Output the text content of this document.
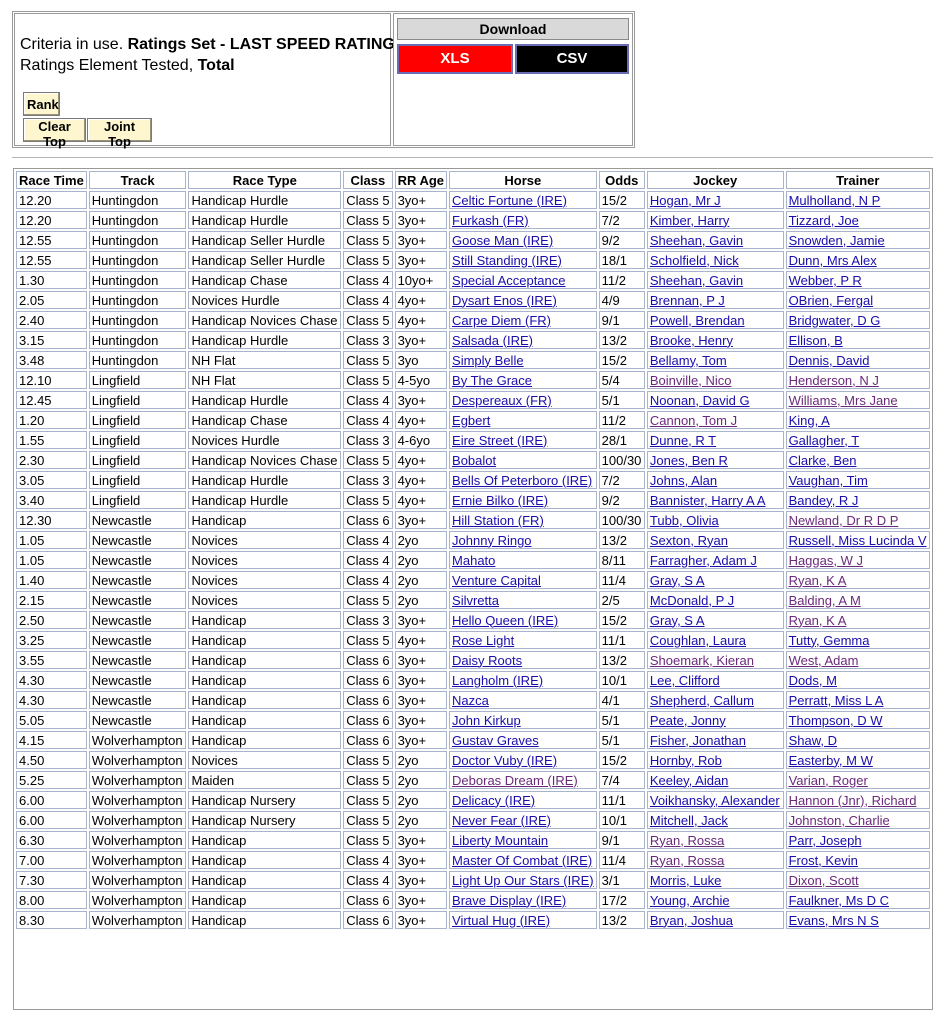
Criteria in use. Ratings Set - LAST SPEED RATING
Ratings Element Tested, Total
Rank
Clear Top
Joint Top
Download
XLS	CSV
Race Time	Track	Race Type	Class	RR Age	Horse	Odds	Jockey	Trainer
12.20	Huntingdon	Handicap Hurdle	Class 5	3yo+	Celtic Fortune (IRE)	15/2	Hogan, Mr J	Mulholland, N P
12.20	Huntingdon	Handicap Hurdle	Class 5	3yo+	Furkash (FR)	7/2	Kimber, Harry	Tizzard, Joe
12.55	Huntingdon	Handicap Seller Hurdle	Class 5	3yo+	Goose Man (IRE)	9/2	Sheehan, Gavin	Snowden, Jamie
12.55	Huntingdon	Handicap Seller Hurdle	Class 5	3yo+	Still Standing (IRE)	18/1	Scholfield, Nick	Dunn, Mrs Alex
1.30	Huntingdon	Handicap Chase	Class 4	10yo+	Special Acceptance	11/2	Sheehan, Gavin	Webber, P R
2.05	Huntingdon	Novices Hurdle	Class 4	4yo+	Dysart Enos (IRE)	4/9	Brennan, P J	OBrien, Fergal
2.40	Huntingdon	Handicap Novices Chase	Class 5	4yo+	Carpe Diem (FR)	9/1	Powell, Brendan	Bridgwater, D G
3.15	Huntingdon	Handicap Hurdle	Class 3	3yo+	Salsada (IRE)	13/2	Brooke, Henry	Ellison, B
3.48	Huntingdon	NH Flat	Class 5	3yo	Simply Belle	15/2	Bellamy, Tom	Dennis, David
12.10	Lingfield	NH Flat	Class 5	4-5yo	By The Grace	5/4	Boinville, Nico	Henderson, N J
12.45	Lingfield	Handicap Hurdle	Class 4	3yo+	Despereaux (FR)	5/1	Noonan, David G	Williams, Mrs Jane
1.20	Lingfield	Handicap Chase	Class 4	4yo+	Egbert	11/2	Cannon, Tom J	King, A
1.55	Lingfield	Novices Hurdle	Class 3	4-6yo	Eire Street (IRE)	28/1	Dunne, R T	Gallagher, T
2.30	Lingfield	Handicap Novices Chase	Class 5	4yo+	Bobalot	100/30	Jones, Ben R	Clarke, Ben
3.05	Lingfield	Handicap Hurdle	Class 3	4yo+	Bells Of Peterboro (IRE)	7/2	Johns, Alan	Vaughan, Tim
3.40	Lingfield	Handicap Hurdle	Class 5	4yo+	Ernie Bilko (IRE)	9/2	Bannister, Harry A A	Bandey, R J
12.30	Newcastle	Handicap	Class 6	3yo+	Hill Station (FR)	100/30	Tubb, Olivia	Newland, Dr R D P
1.05	Newcastle	Novices	Class 4	2yo	Johnny Ringo	13/2	Sexton, Ryan	Russell, Miss Lucinda V
1.05	Newcastle	Novices	Class 4	2yo	Mahato	8/11	Farragher, Adam J	Haggas, W J
1.40	Newcastle	Novices	Class 4	2yo	Venture Capital	11/4	Gray, S A	Ryan, K A
2.15	Newcastle	Novices	Class 5	2yo	Silvretta	2/5	McDonald, P J	Balding, A M
2.50	Newcastle	Handicap	Class 3	3yo+	Hello Queen (IRE)	15/2	Gray, S A	Ryan, K A
3.25	Newcastle	Handicap	Class 5	4yo+	Rose Light	11/1	Coughlan, Laura	Tutty, Gemma
3.55	Newcastle	Handicap	Class 6	3yo+	Daisy Roots	13/2	Shoemark, Kieran	West, Adam
4.30	Newcastle	Handicap	Class 6	3yo+	Langholm (IRE)	10/1	Lee, Clifford	Dods, M
4.30	Newcastle	Handicap	Class 6	3yo+	Nazca	4/1	Shepherd, Callum	Perratt, Miss L A
5.05	Newcastle	Handicap	Class 6	3yo+	John Kirkup	5/1	Peate, Jonny	Thompson, D W
4.15	Wolverhampton	Handicap	Class 6	3yo+	Gustav Graves	5/1	Fisher, Jonathan	Shaw, D
4.50	Wolverhampton	Novices	Class 5	2yo	Doctor Vuby (IRE)	15/2	Hornby, Rob	Easterby, M W
5.25	Wolverhampton	Maiden	Class 5	2yo	Deboras Dream (IRE)	7/4	Keeley, Aidan	Varian, Roger
6.00	Wolverhampton	Handicap Nursery	Class 5	2yo	Delicacy (IRE)	11/1	Voikhansky, Alexander	Hannon (Jnr), Richard
6.00	Wolverhampton	Handicap Nursery	Class 5	2yo	Never Fear (IRE)	10/1	Mitchell, Jack	Johnston, Charlie
6.30	Wolverhampton	Handicap	Class 5	3yo+	Liberty Mountain	9/1	Ryan, Rossa	Parr, Joseph
7.00	Wolverhampton	Handicap	Class 4	3yo+	Master Of Combat (IRE)	11/4	Ryan, Rossa	Frost, Kevin
7.30	Wolverhampton	Handicap	Class 4	3yo+	Light Up Our Stars (IRE)	3/1	Morris, Luke	Dixon, Scott
8.00	Wolverhampton	Handicap	Class 6	3yo+	Brave Display (IRE)	17/2	Young, Archie	Faulkner, Ms D C
8.30	Wolverhampton	Handicap	Class 6	3yo+	Virtual Hug (IRE)	13/2	Bryan, Joshua	Evans, Mrs N S
